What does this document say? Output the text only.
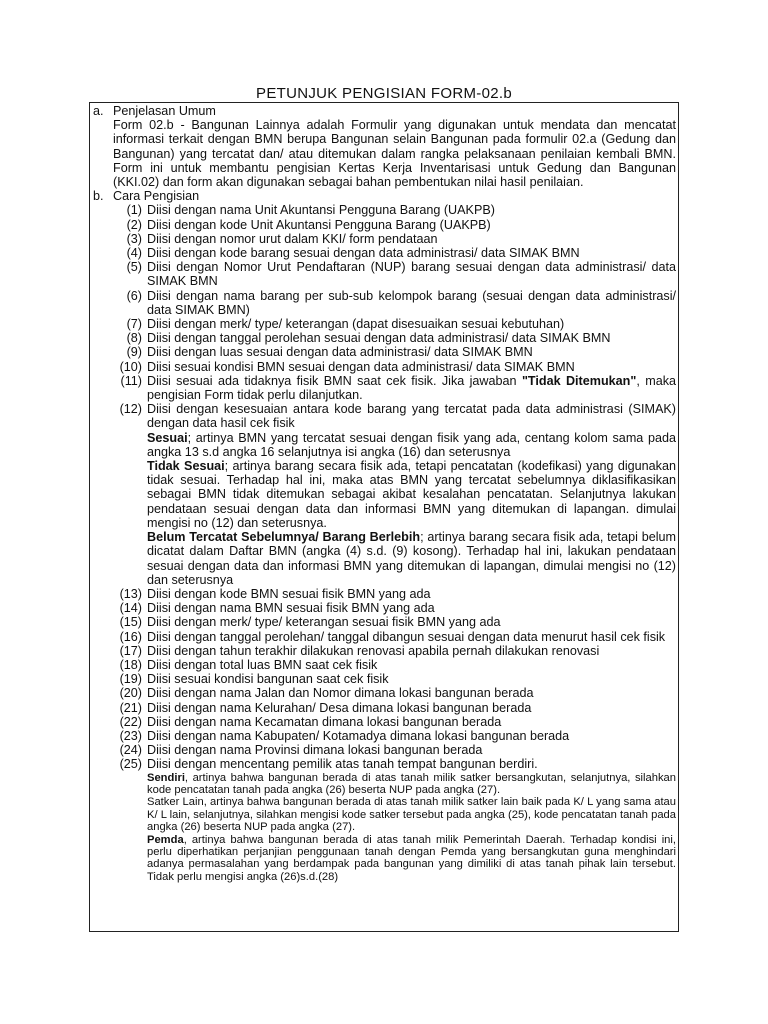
PETUNJUK PENGISIAN FORM-02.b
a. Penjelasan Umum
Form 02.b - Bangunan Lainnya adalah Formulir yang digunakan untuk mendata dan mencatat informasi terkait dengan BMN berupa Bangunan selain Bangunan pada formulir 02.a (Gedung dan Bangunan) yang tercatat dan/ atau ditemukan dalam rangka pelaksanaan penilaian kembali BMN. Form ini untuk membantu pengisian Kertas Kerja Inventarisasi untuk Gedung dan Bangunan (KKI.02) dan form akan digunakan sebagai bahan pembentukan nilai hasil penilaian.
b. Cara Pengisian
(1) Diisi dengan nama Unit Akuntansi Pengguna Barang (UAKPB)
(2) Diisi dengan kode Unit Akuntansi Pengguna Barang (UAKPB)
(3) Diisi dengan nomor urut dalam KKI/ form pendataan
(4) Diisi dengan kode barang sesuai dengan data administrasi/ data SIMAK BMN
(5) Diisi dengan Nomor Urut Pendaftaran (NUP) barang sesuai dengan data administrasi/ data SIMAK BMN
(6) Diisi dengan nama barang per sub-sub kelompok barang (sesuai dengan data administrasi/ data SIMAK BMN)
(7) Diisi dengan merk/ type/ keterangan (dapat disesuaikan sesuai kebutuhan)
(8) Diisi dengan tanggal perolehan sesuai dengan data administrasi/ data SIMAK BMN
(9) Diisi dengan luas sesuai dengan data administrasi/ data SIMAK BMN
(10) Diisi sesuai kondisi BMN sesuai dengan data administrasi/ data SIMAK BMN
(11) Diisi sesuai ada tidaknya fisik BMN saat cek fisik. Jika jawaban "Tidak Ditemukan", maka pengisian Form tidak perlu dilanjutkan.
(12) Diisi dengan kesesuaian antara kode barang yang tercatat pada data administrasi (SIMAK) dengan data hasil cek fisik
Sesuai; artinya BMN yang tercatat sesuai dengan fisik yang ada, centang kolom sama pada angka 13 s.d angka 16 selanjutnya isi angka (16) dan seterusnya
Tidak Sesuai; artinya barang secara fisik ada, tetapi pencatatan (kodefikasi) yang digunakan tidak sesuai. Terhadap hal ini, maka atas BMN yang tercatat sebelumnya diklasifikasikan sebagai BMN tidak ditemukan sebagai akibat kesalahan pencatatan. Selanjutnya lakukan pendataan sesuai dengan data dan informasi BMN yang ditemukan di lapangan. dimulai mengisi no (12) dan seterusnya.
Belum Tercatat Sebelumnya/ Barang Berlebih; artinya barang secara fisik ada, tetapi belum dicatat dalam Daftar BMN (angka (4) s.d. (9) kosong). Terhadap hal ini, lakukan pendataan sesuai dengan data dan informasi BMN yang ditemukan di lapangan, dimulai mengisi no (12) dan seterusnya
(13) Diisi dengan kode BMN sesuai fisik BMN yang ada
(14) Diisi dengan nama BMN sesuai fisik BMN yang ada
(15) Diisi dengan merk/ type/ keterangan sesuai fisik BMN yang ada
(16) Diisi dengan tanggal perolehan/ tanggal dibangun sesuai dengan data menurut hasil cek fisik
(17) Diisi dengan tahun terakhir dilakukan renovasi apabila pernah dilakukan renovasi
(18) Diisi dengan total luas BMN saat cek fisik
(19) Diisi sesuai kondisi bangunan saat cek fisik
(20) Diisi dengan nama Jalan dan Nomor dimana lokasi bangunan berada
(21) Diisi dengan nama Kelurahan/ Desa dimana lokasi bangunan berada
(22) Diisi dengan nama Kecamatan dimana lokasi bangunan berada
(23) Diisi dengan nama Kabupaten/ Kotamadya dimana lokasi bangunan berada
(24) Diisi dengan nama Provinsi dimana lokasi bangunan berada
(25) Diisi dengan mencentang pemilik atas tanah tempat bangunan berdiri.
Sendiri, artinya bahwa bangunan berada di atas tanah milik satker bersangkutan, selanjutnya, silahkan kode pencatatan tanah pada angka (26) beserta NUP pada angka (27).
Satker Lain, artinya bahwa bangunan berada di atas tanah milik satker lain baik pada K/ L yang sama atau K/ L lain, selanjutnya, silahkan mengisi kode satker tersebut pada angka (25), kode pencatatan tanah pada angka (26) beserta NUP pada angka (27).
Pemda, artinya bahwa bangunan berada di atas tanah milik Pemerintah Daerah. Terhadap kondisi ini, perlu diperhatikan perjanjian penggunaan tanah dengan Pemda yang bersangkutan guna menghindari adanya permasalahan yang berdampak pada bangunan yang dimiliki di atas tanah pihak lain tersebut. Tidak perlu mengisi angka (26)s.d.(28)
